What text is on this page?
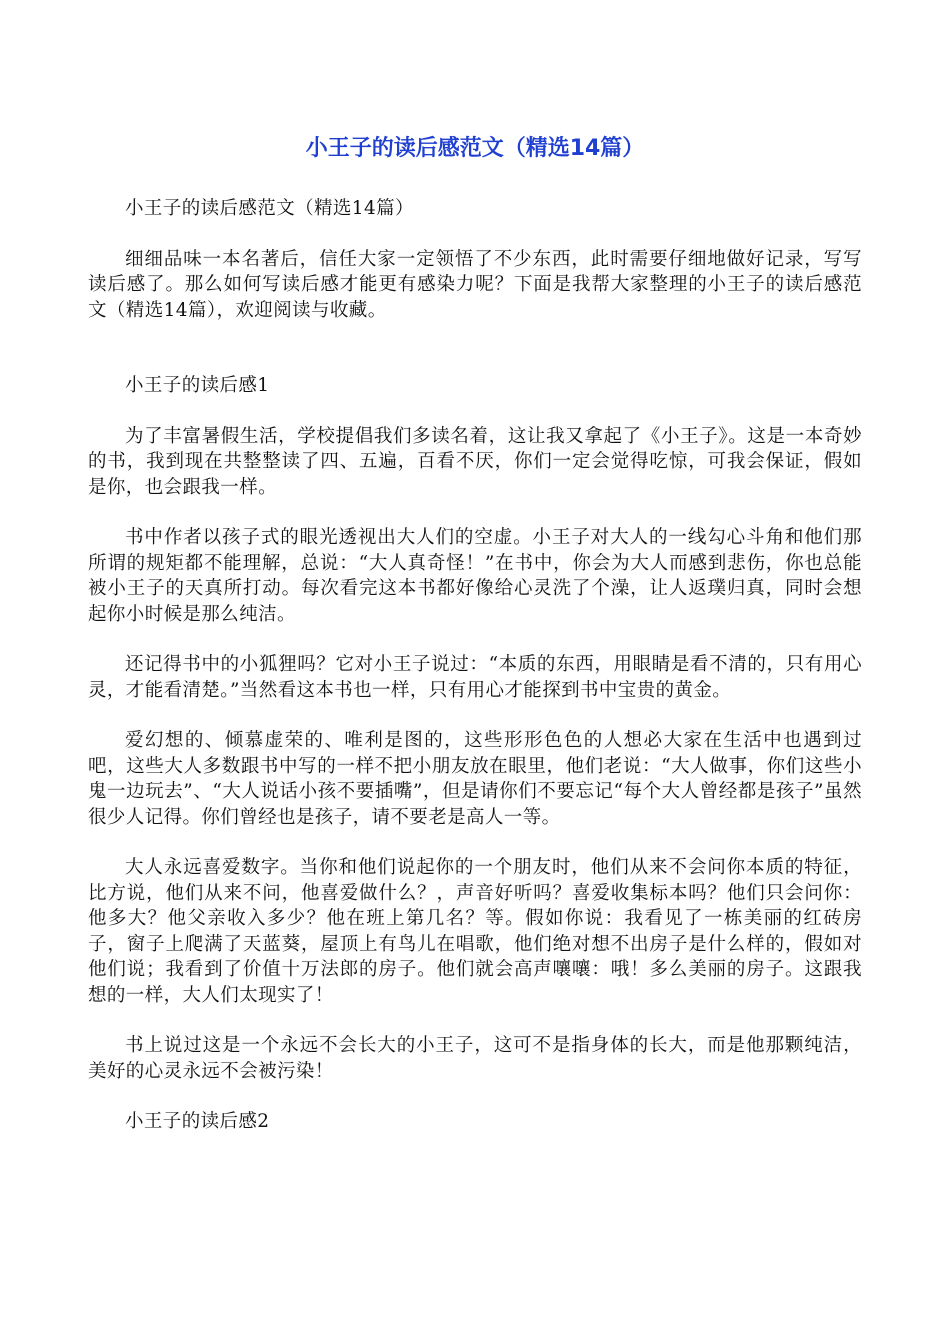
小王子的读后感范文（精选14篇）

小王子的读后感范文（精选14篇）

细细品味一本名著后，信任大家一定领悟了不少东西，此时需要仔细地做好记录，写写读后感了。那么如何写读后感才能更有感染力呢？下面是我帮大家整理的小王子的读后感范文（精选14篇），欢迎阅读与收藏。

小王子的读后感1

为了丰富暑假生活，学校提倡我们多读名着，这让我又拿起了《小王子》。这是一本奇妙的书，我到现在共整整读了四、五遍，百看不厌，你们一定会觉得吃惊，可我会保证，假如是你，也会跟我一样。

书中作者以孩子式的眼光透视出大人们的空虚。小王子对大人的一线勾心斗角和他们那所谓的规矩都不能理解，总说：“大人真奇怪！”在书中，你会为大人而感到悲伤，你也总能被小王子的天真所打动。每次看完这本书都好像给心灵洗了个澡，让人返璞归真，同时会想起你小时候是那么纯洁。

还记得书中的小狐狸吗？它对小王子说过：“本质的东西，用眼睛是看不清的，只有用心灵，才能看清楚。”当然看这本书也一样，只有用心才能探到书中宝贵的黄金。

爱幻想的、倾慕虚荣的、唯利是图的，这些形形色色的人想必大家在生活中也遇到过吧，这些大人多数跟书中写的一样不把小朋友放在眼里，他们老说：“大人做事，你们这些小鬼一边玩去”、“大人说话小孩不要插嘴”，但是请你们不要忘记“每个大人曾经都是孩子”虽然很少人记得。你们曾经也是孩子，请不要老是高人一等。

大人永远喜爱数字。当你和他们说起你的一个朋友时，他们从来不会问你本质的特征，比方说，他们从来不问，他喜爱做什么？，声音好听吗？喜爱收集标本吗？他们只会问你：他多大？他父亲收入多少？他在班上第几名？等。假如你说：我看见了一栋美丽的红砖房子，窗子上爬满了天蓝葵，屋顶上有鸟儿在唱歌，他们绝对想不出房子是什么样的，假如对他们说；我看到了价值十万法郎的房子。他们就会高声嚷嚷：哦！多么美丽的房子。这跟我想的一样，大人们太现实了！

书上说过这是一个永远不会长大的小王子，这可不是指身体的长大，而是他那颗纯洁，美好的心灵永远不会被污染！

小王子的读后感2
